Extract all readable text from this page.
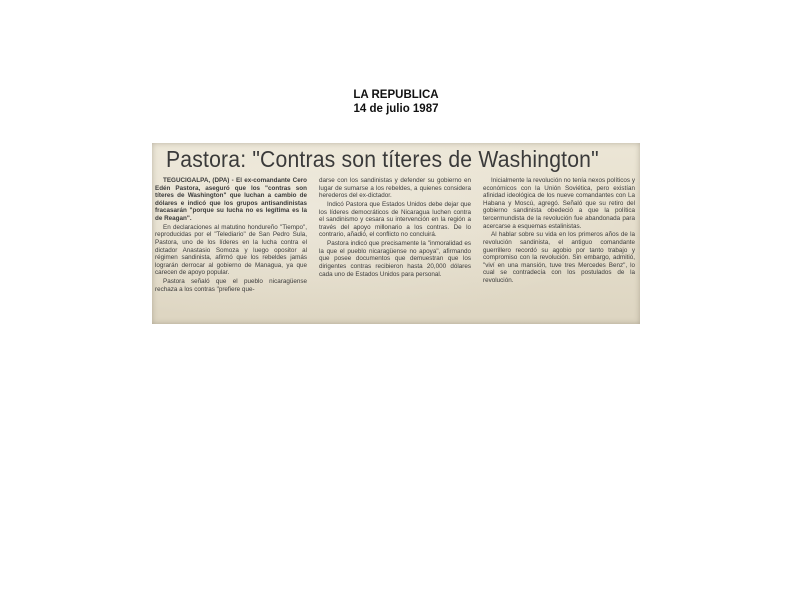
LA REPUBLICA
14 de julio 1987
Pastora: "Contras son títeres de Washington"

TEGUCIGALPA, (DPA) - El ex-comandante Cero Edén Pastora, aseguró que los "contras son títeres de Washington" que luchan a cambio de dólares e indicó que los grupos antisandinistas fracasarán "porque su lucha no es legítima es la de Reagan".

En declaraciones al matutino hondureño "Tiempo", reproducidas por el "Telediario" de San Pedro Sula, Pastora, uno de los líderes en la lucha contra el dictador Anastasio Somoza y luego opositor al régimen sandinista, afirmó que los rebeldes jamás lograrán derrocar al gobierno de Managua, ya que carecen de apoyo popular.

Pastora señaló que el pueblo nicaragüense rechaza a los contras "prefiere que-

darse con los sandinistas y defender su gobierno en lugar de sumarse a los rebeldes, a quienes considera herederos del ex-dictador.

Indicó Pastora que Estados Unidos debe dejar que los líderes democráticos de Nicaragua luchen contra el sandinismo y cesara su intervención en la región a través del apoyo millonario a los contras. De lo contrario, añadió, el conflicto no concluirá.

Pastora indicó que precisamente la "inmoralidad es la que el pueblo nicaragüense no apoya", afirmando que posee documentos que demuestran que los dirigentes contras recibieron hasta 20,000 dólares cada uno de Estados Unidos para personal.

Inicialmente la revolución no tenía nexos políticos y económicos con la Unión Soviética, pero existían afinidad ideológica de los nueve comandantes con La Habana y Moscú, agregó. Señaló que su retiro del gobierno sandinista obedeció a que la política tercermundista de la revolución fue abandonada para acercarse a esquemas estalinistas.

Al hablar sobre su vida en los primeros años de la revolución sandinista, el antiguo comandante guerrillero recordó su agobio por tanto trabajo y compromiso con la revolución. Sin embargo, admitió, "viví en una mansión, tuve tres Mercedes Benz", lo cual se contradecía con los postulados de la revolución.
